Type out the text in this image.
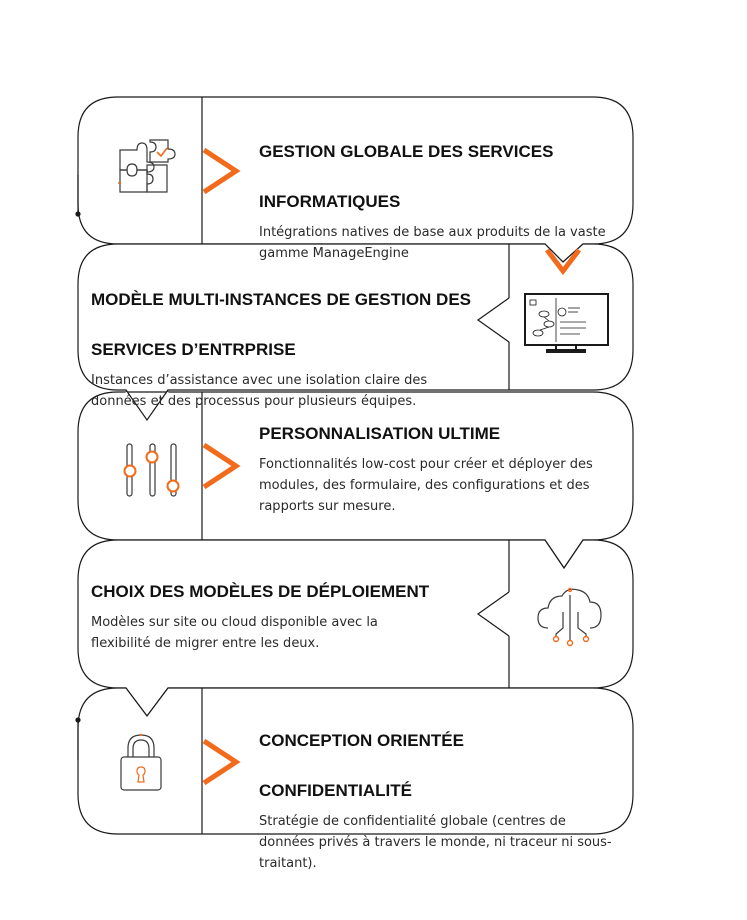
GESTION GLOBALE DES SERVICES

INFORMATIQUES

Intégrations natives de base aux produits de la vaste gamme ManageEngine

MODÈLE MULTI-INSTANCES DE GESTION DES

SERVICES D’ENTRPRISE

Instances d’assistance avec une isolation claire des données et des processus pour plusieurs équipes.
PERSONNALISATION ULTIME
Fonctionnalités low-cost pour créer et déployer des modules, des formulaire, des configurations et des rapports sur mesure.
CHOIX DES MODÈLES DE DÉPLOIEMENT
Modèles sur site ou cloud disponible avec la flexibilité de migrer entre les deux.

CONCEPTION ORIENTÉE

CONFIDENTIALITÉ

Stratégie de confidentialité globale (centres de données privés à travers le monde, ni traceur ni sous-traitant).
